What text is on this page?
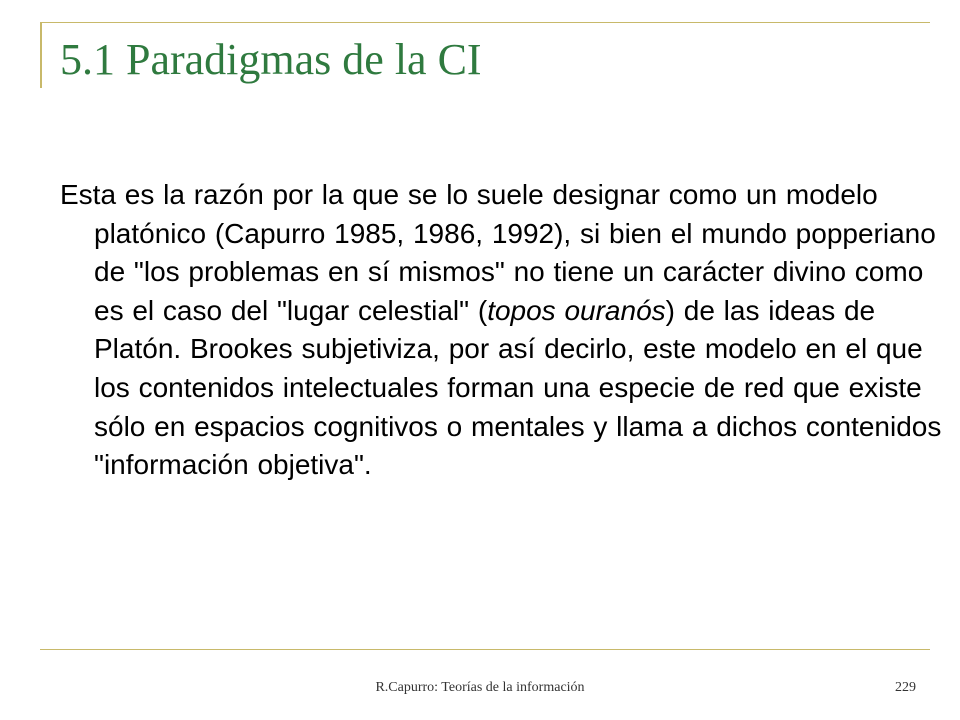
5.1 Paradigmas de la CI

Esta es la razón por la que se lo suele designar como un modelo platónico (Capurro 1985, 1986, 1992), si bien el mundo popperiano de "los problemas en sí mismos" no tiene un carácter divino como es el caso del "lugar celestial" (topos ouranós) de las ideas de Platón. Brookes subjetiviza, por así decirlo, este modelo en el que los contenidos intelectuales forman una especie de red que existe sólo en espacios cognitivos o mentales y llama a dichos contenidos "información objetiva".

R.Capurro: Teorías de la información	229
